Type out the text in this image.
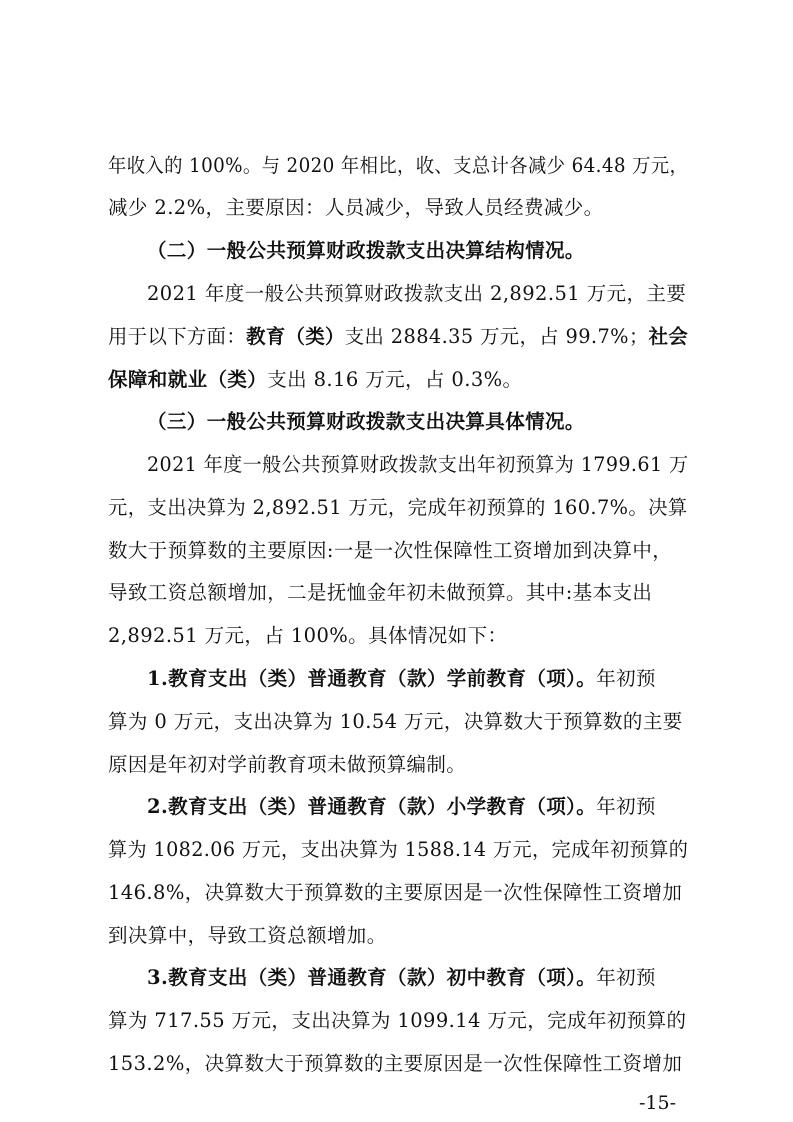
年收入的 100%。与 2020 年相比，收、支总计各减少 64.48 万元，
减少 2.2%，主要原因：人员减少，导致人员经费减少。
（二）一般公共预算财政拨款支出决算结构情况。
2021 年度一般公共预算财政拨款支出 2,892.51 万元，主要
用于以下方面：教育（类）支出 2884.35 万元，占 99.7%；社会
保障和就业（类）支出 8.16 万元，占 0.3%。
（三）一般公共预算财政拨款支出决算具体情况。
2021 年度一般公共预算财政拨款支出年初预算为 1799.61 万
元，支出决算为 2,892.51 万元，完成年初预算的 160.7%。决算
数大于预算数的主要原因:一是一次性保障性工资增加到决算中，
导致工资总额增加，二是抚恤金年初未做预算。其中:基本支出
2,892.51 万元，占 100%。具体情况如下：
1.教育支出（类）普通教育（款）学前教育（项）。年初预
算为 0 万元，支出决算为 10.54 万元，决算数大于预算数的主要
原因是年初对学前教育项未做预算编制。
2.教育支出（类）普通教育（款）小学教育（项）。年初预
算为 1082.06 万元，支出决算为 1588.14 万元，完成年初预算的
146.8%，决算数大于预算数的主要原因是一次性保障性工资增加
到决算中，导致工资总额增加。
3.教育支出（类）普通教育（款）初中教育（项）。年初预
算为 717.55 万元，支出决算为 1099.14 万元，完成年初预算的
153.2%，决算数大于预算数的主要原因是一次性保障性工资增加
-15-
